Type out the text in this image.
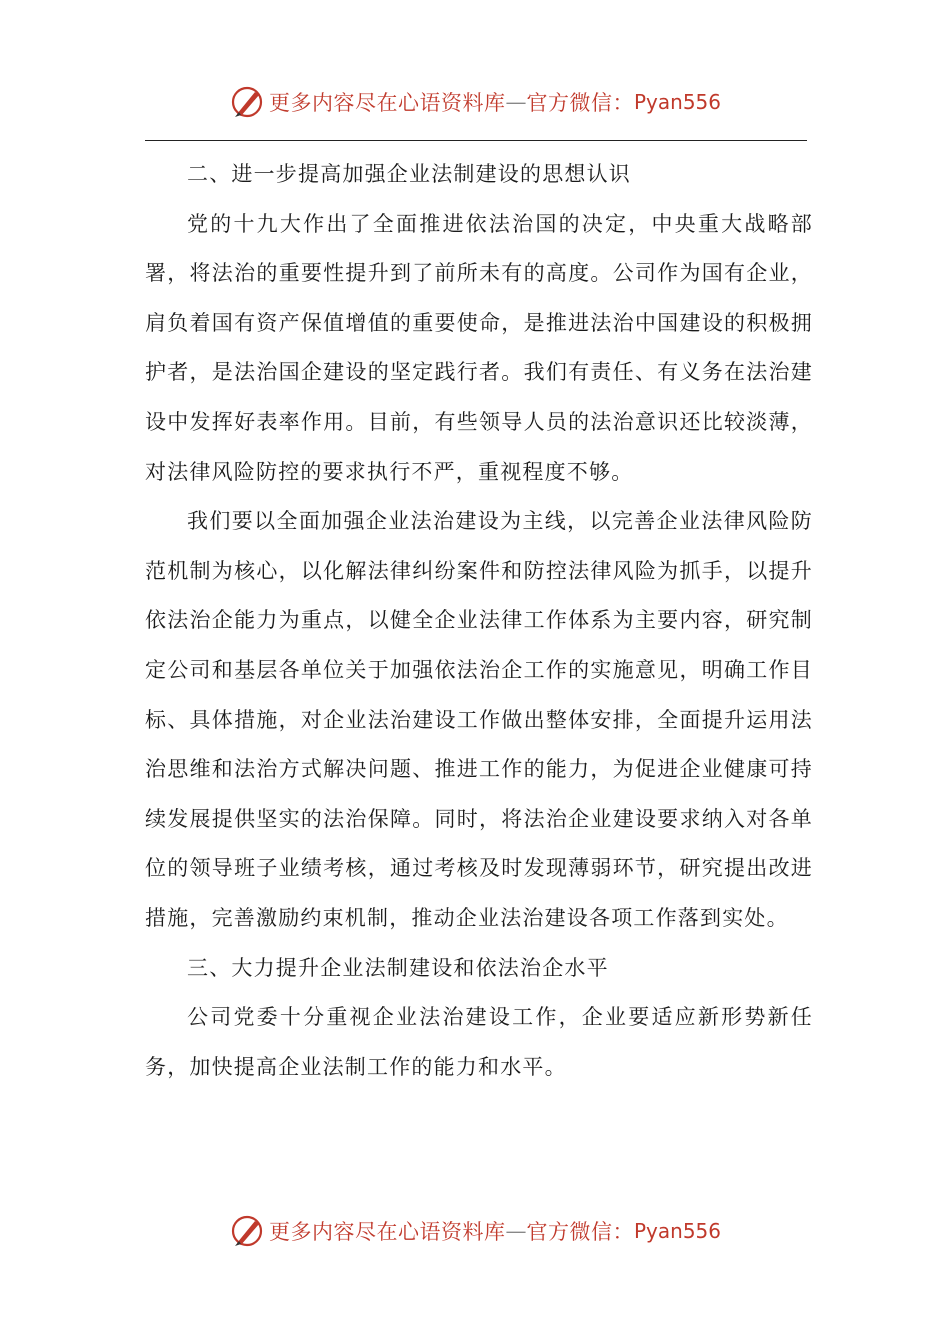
更多内容尽在心语资料库 — 官方微信： Pyan556

二、进一步提高加强企业法制建设的思想认识

党的十九大作出了全面推进依法治国的决定，中央重大战略部署，将法治的重要性提升到了前所未有的高度。公司作为国有企业，肩负着国有资产保值增值的重要使命，是推进法治中国建设的积极拥护者，是法治国企建设的坚定践行者。我们有责任、有义务在法治建设中发挥好表率作用。目前，有些领导人员的法治意识还比较淡薄，对法律风险防控的要求执行不严，重视程度不够。

我们要以全面加强企业法治建设为主线，以完善企业法律风险防范机制为核心，以化解法律纠纷案件和防控法律风险为抓手，以提升依法治企能力为重点，以健全企业法律工作体系为主要内容，研究制定公司和基层各单位关于加强依法治企工作的实施意见，明确工作目标、具体措施，对企业法治建设工作做出整体安排，全面提升运用法治思维和法治方式解决问题、推进工作的能力，为促进企业健康可持续发展提供坚实的法治保障。同时，将法治企业建设要求纳入对各单位的领导班子业绩考核，通过考核及时发现薄弱环节，研究提出改进措施，完善激励约束机制，推动企业法治建设各项工作落到实处。

三、大力提升企业法制建设和依法治企水平

公司党委十分重视企业法治建设工作，企业要适应新形势新任务，加快提高企业法制工作的能力和水平。

更多内容尽在心语资料库 — 官方微信： Pyan556
